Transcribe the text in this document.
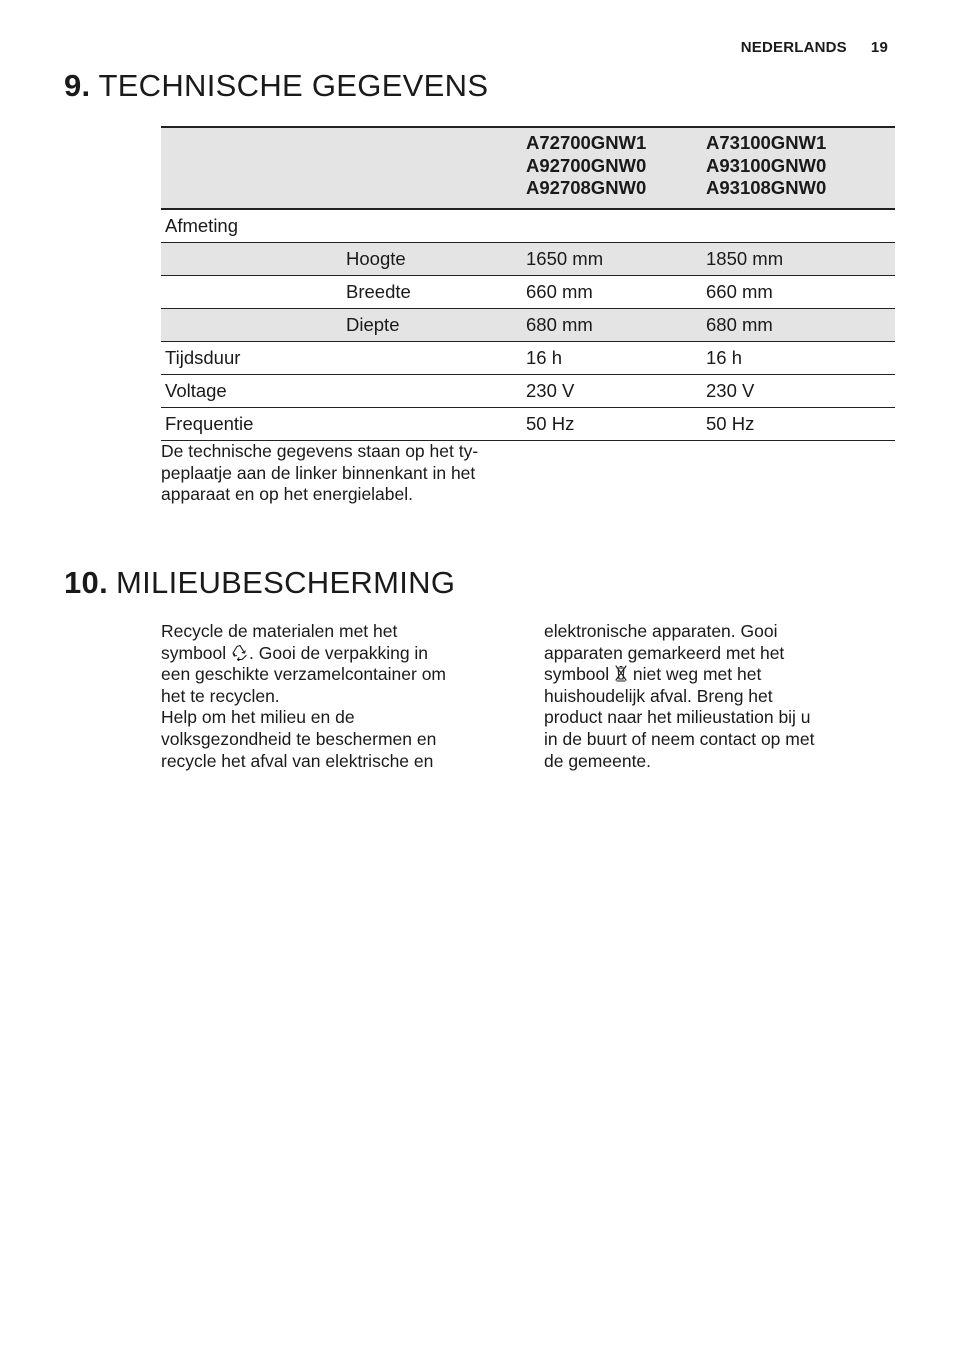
NEDERLANDS 19
9. TECHNISCHE GEGEVENS

		A72700GNW1
A92700GNW0
A92708GNW0	A73100GNW1
A93100GNW0
A93108GNW0

Afmeting			
	Hoogte	1650 mm	1850 mm
	Breedte	660 mm	660 mm
	Diepte	680 mm	680 mm
Tijdsduur		16 h	16 h
Voltage		230 V	230 V
Frequentie		50 Hz	50 Hz
De technische gegevens staan op het ty-
peplaatje aan de linker binnenkant in het
apparaat en op het energielabel.
10. MILIEUBESCHERMING
Recycle de materialen met het
symbool . Gooi de verpakking in
een geschikte verzamelcontainer om
het te recyclen.
Help om het milieu en de
volksgezondheid te beschermen en
recycle het afval van elektrische en
elektronische apparaten. Gooi
apparaten gemarkeerd met het
symbool niet weg met het
huishoudelijk afval. Breng het
product naar het milieustation bij u
in de buurt of neem contact op met
de gemeente.
